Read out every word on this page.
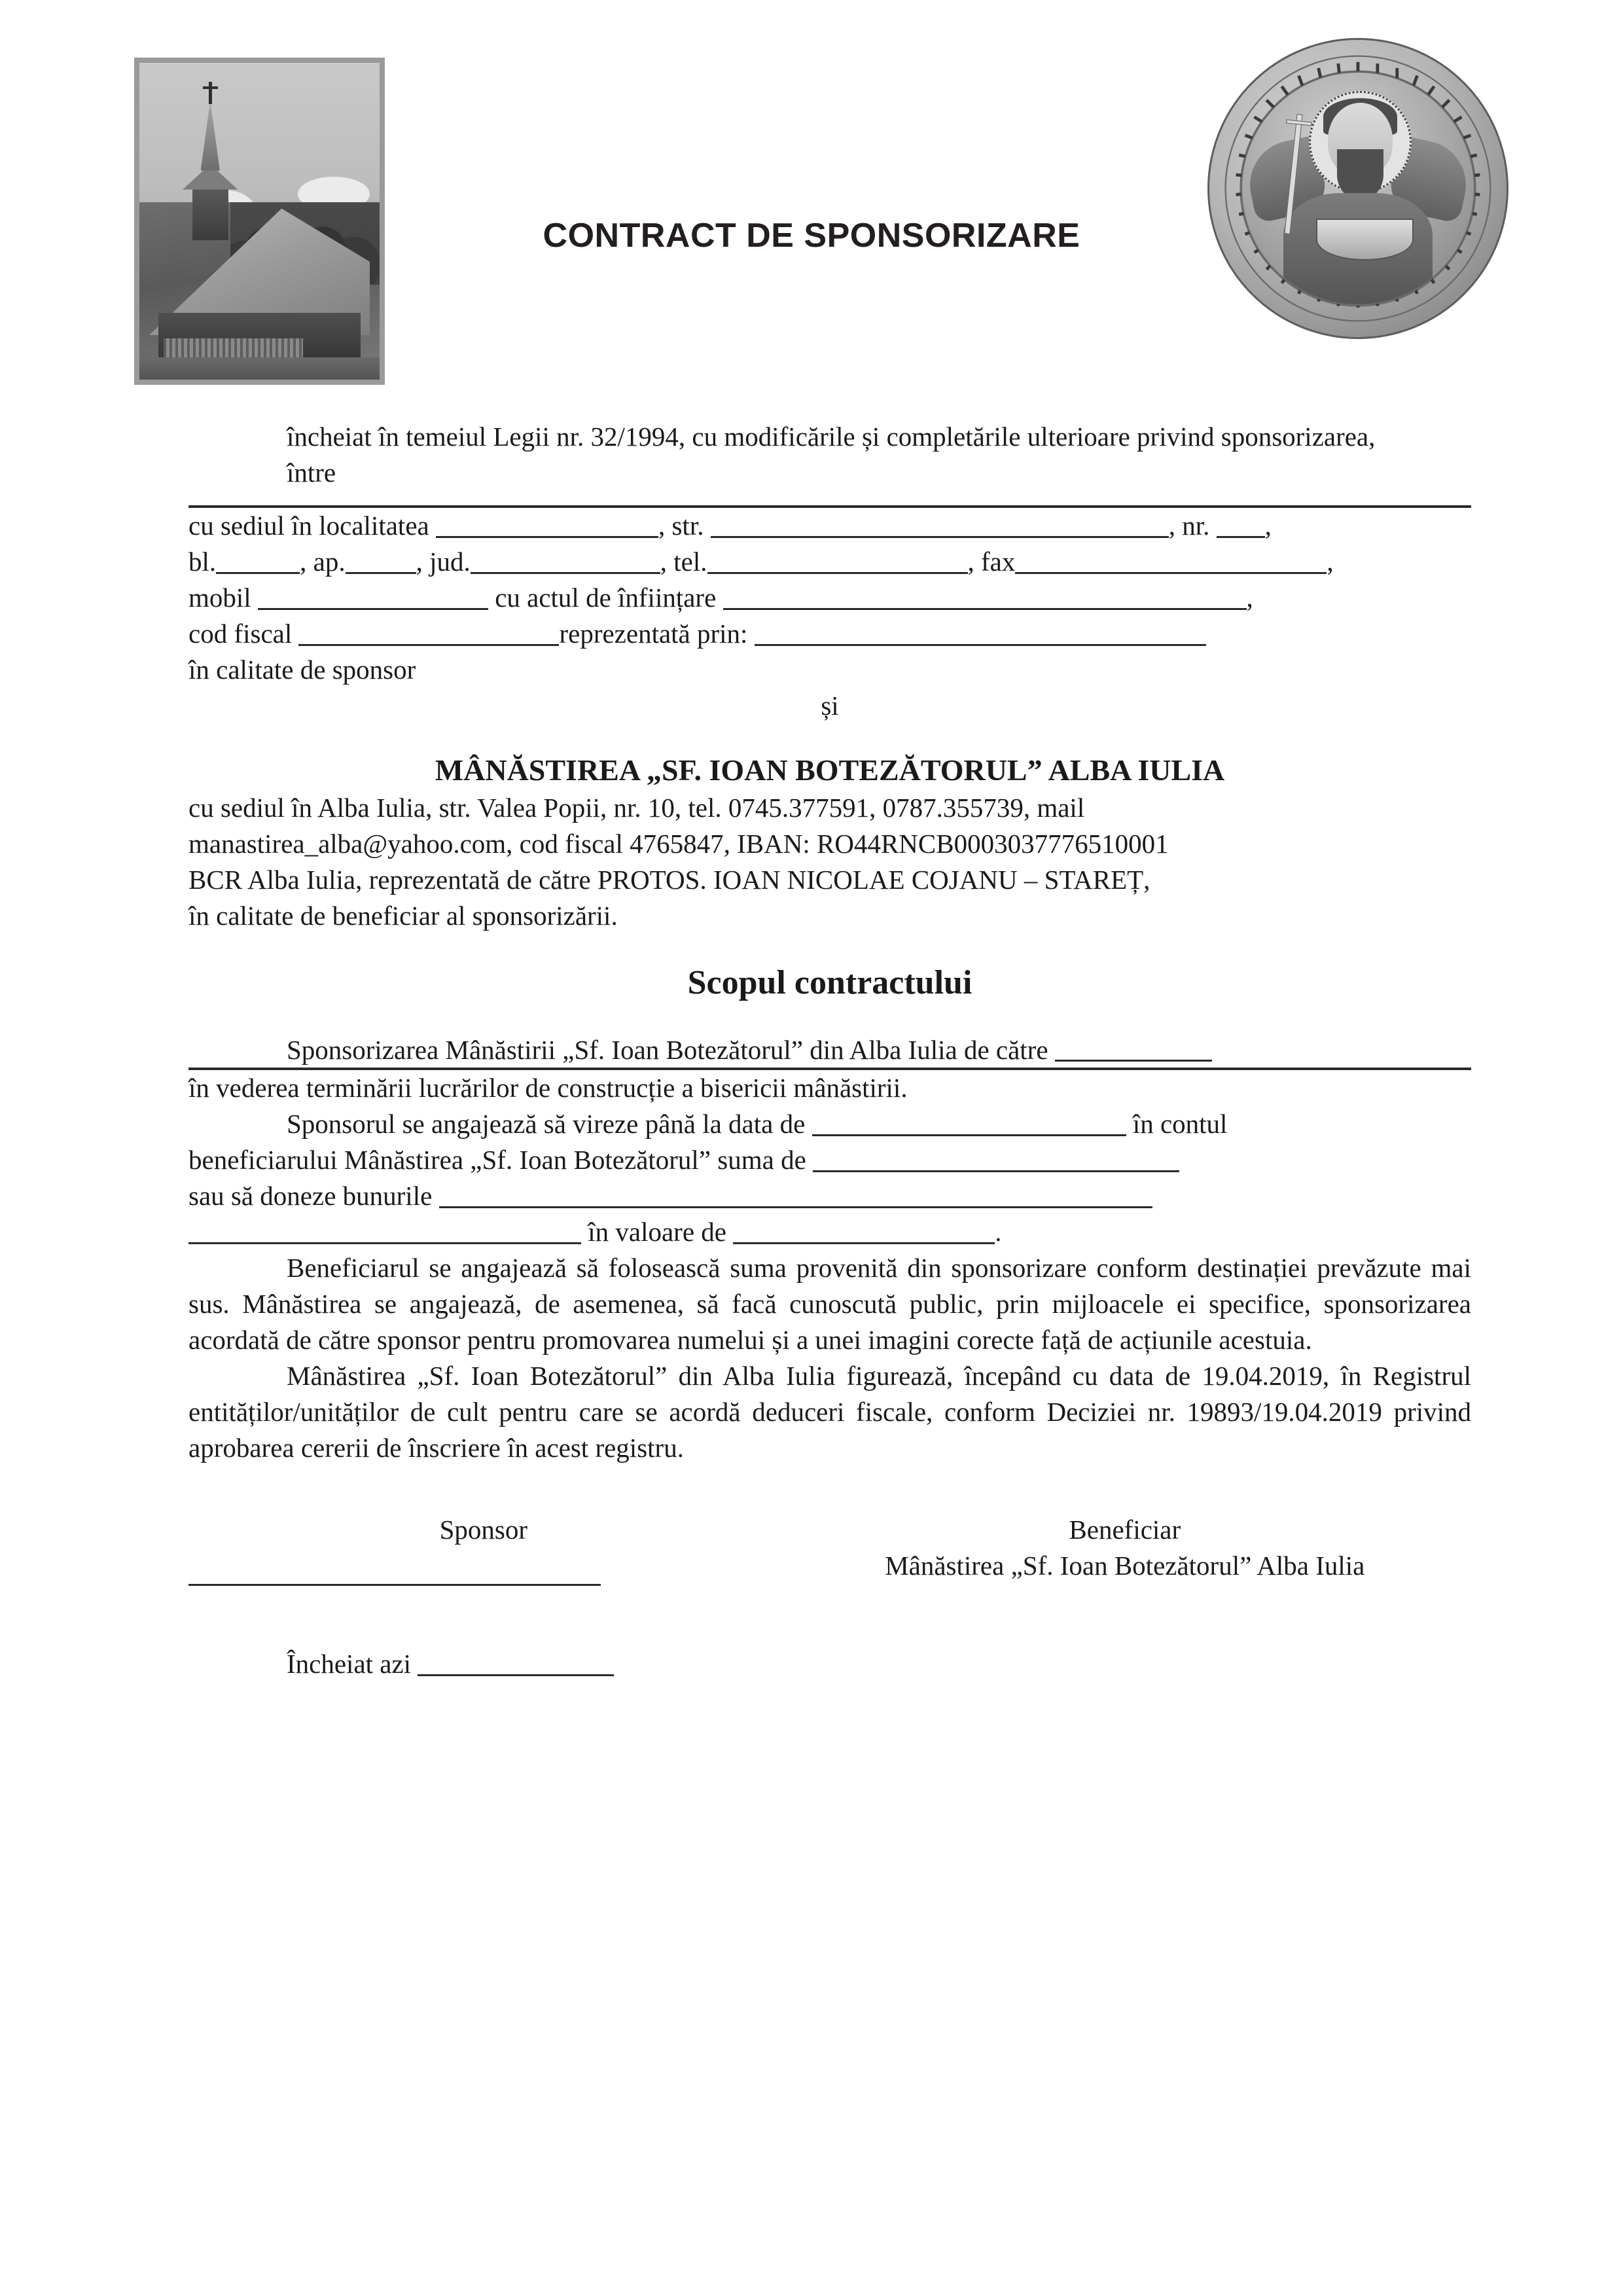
CONTRACT DE SPONSORIZARE

încheiat în temeiul Legii nr. 32/1994, cu modificările și completările ulterioare privind sponsorizarea,

între

cu sediul în localitatea	, str.	, nr. ,

bl.	, ap.	, jud.	, tel.	, fax	,

mobil	cu actul de înființare	,

cod fiscal	reprezentată prin:

în calitate de sponsor

și

MÂNĂSTIREA „SF. IOAN BOTEZĂTORUL” ALBA IULIA

cu sediul în Alba Iulia, str. Valea Popii, nr. 10, tel. 0745.377591, 0787.355739, mail

manastirea_alba@yahoo.com, cod fiscal 4765847, IBAN: RO44RNCB0003037776510001

BCR Alba Iulia, reprezentată de către PROTOS. IOAN NICOLAE COJANU – STAREȚ,

în calitate de beneficiar al sponsorizării.

Scopul contractului

Sponsorizarea Mânăstirii „Sf. Ioan Botezătorul” din Alba Iulia de către

în vederea terminării lucrărilor de construcție a bisericii mânăstirii.

Sponsorul se angajează să vireze până la data de	în contul

beneficiarului Mânăstirea „Sf. Ioan Botezătorul” suma de

sau să doneze bunurile

în valoare de	.

Beneficiarul se angajează să folosească suma provenită din sponsorizare conform destinației prevăzute mai sus. Mânăstirea se angajează, de asemenea, să facă cunoscută public, prin mijloacele ei specifice, sponsorizarea acordată de către sponsor pentru promovarea numelui și a unei imagini corecte față de acțiunile acestuia.

Mânăstirea „Sf. Ioan Botezătorul” din Alba Iulia figurează, începând cu data de 19.04.2019, în Registrul entităților/unităților de cult pentru care se acordă deduceri fiscale, conform Deciziei nr. 19893/19.04.2019 privind aprobarea cererii de înscriere în acest registru.

Sponsor	Beneficiar
Mânăstirea „Sf. Ioan Botezătorul” Alba Iulia
Încheiat azi
